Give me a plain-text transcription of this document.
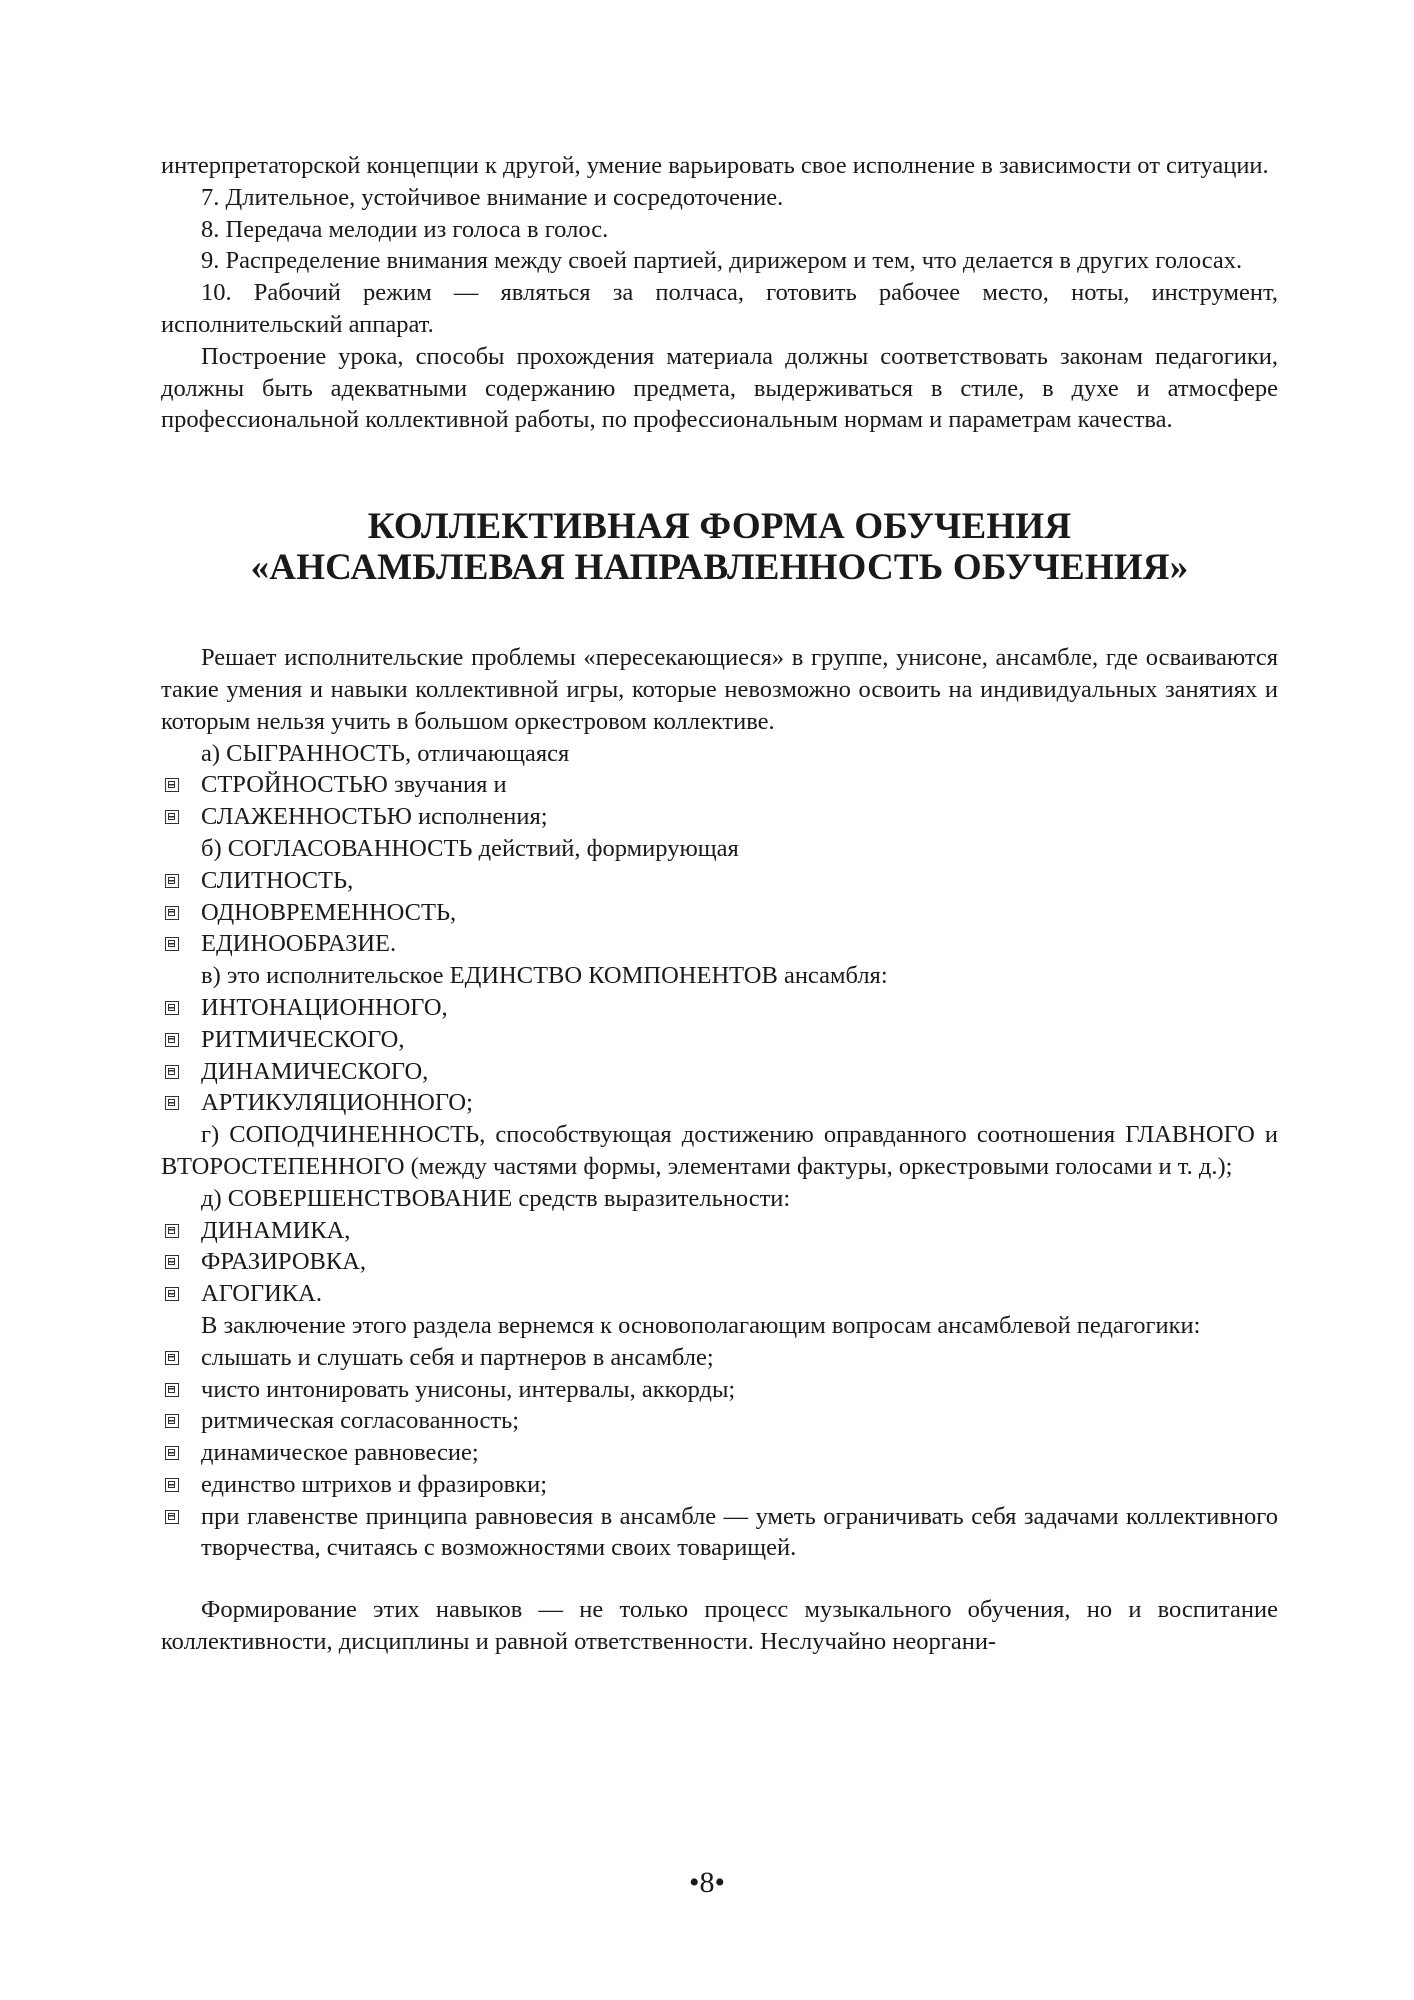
интерпретаторской концепции к другой, умение варьировать свое исполнение в зависимости от ситуации.

7. Длительное, устойчивое внимание и сосредоточение.

8. Передача мелодии из голоса в голос.

9. Распределение внимания между своей партией, дирижером и тем, что делается в других голосах.

10. Рабочий режим — являться за полчаса, готовить рабочее место, ноты, инструмент, исполнительский аппарат.

Построение урока, способы прохождения материала должны соответствовать законам педагогики, должны быть адекватными содержанию предмета, выдерживаться в стиле, в духе и атмосфере профессиональной коллективной работы, по профессиональным нормам и параметрам качества.

КОЛЛЕКТИВНАЯ ФОРМА ОБУЧЕНИЯ
«АНСАМБЛЕВАЯ НАПРАВЛЕННОСТЬ ОБУЧЕНИЯ»

Решает исполнительские проблемы «пересекающиеся» в группе, унисоне, ансамбле, где осваиваются такие умения и навыки коллективной игры, которые невозможно освоить на индивидуальных занятиях и которым нельзя учить в большом оркестровом коллективе.

а) СЫГРАННОСТЬ, отличающаяся

СТРОЙНОСТЬЮ звучания и

СЛАЖЕННОСТЬЮ исполнения;

б) СОГЛАСОВАННОСТЬ действий, формирующая

СЛИТНОСТЬ,

ОДНОВРЕМЕННОСТЬ,

ЕДИНООБРАЗИЕ.

в) это исполнительское ЕДИНСТВО КОМПОНЕНТОВ ансамбля:

ИНТОНАЦИОННОГО,

РИТМИЧЕСКОГО,

ДИНАМИЧЕСКОГО,

АРТИКУЛЯЦИОННОГО;

г) СОПОДЧИНЕННОСТЬ, способствующая достижению оправданного соотношения ГЛАВНОГО и ВТОРОСТЕПЕННОГО (между частями формы, элементами фактуры, оркестровыми голосами и т. д.);

д) СОВЕРШЕНСТВОВАНИЕ средств выразительности:

ДИНАМИКА,

ФРАЗИРОВКА,

АГОГИКА.

В заключение этого раздела вернемся к основополагающим вопросам ансамблевой педагогики:

слышать и слушать себя и партнеров в ансамбле;

чисто интонировать унисоны, интервалы, аккорды;

ритмическая согласованность;

динамическое равновесие;

единство штрихов и фразировки;

при главенстве принципа равновесия в ансамбле — уметь ограничивать себя задачами коллективного творчества, считаясь с возможностями своих товарищей.

Формирование этих навыков — не только процесс музыкального обучения, но и воспитание коллективности, дисциплины и равной ответственности. Неслучайно неоргани-

•8•
